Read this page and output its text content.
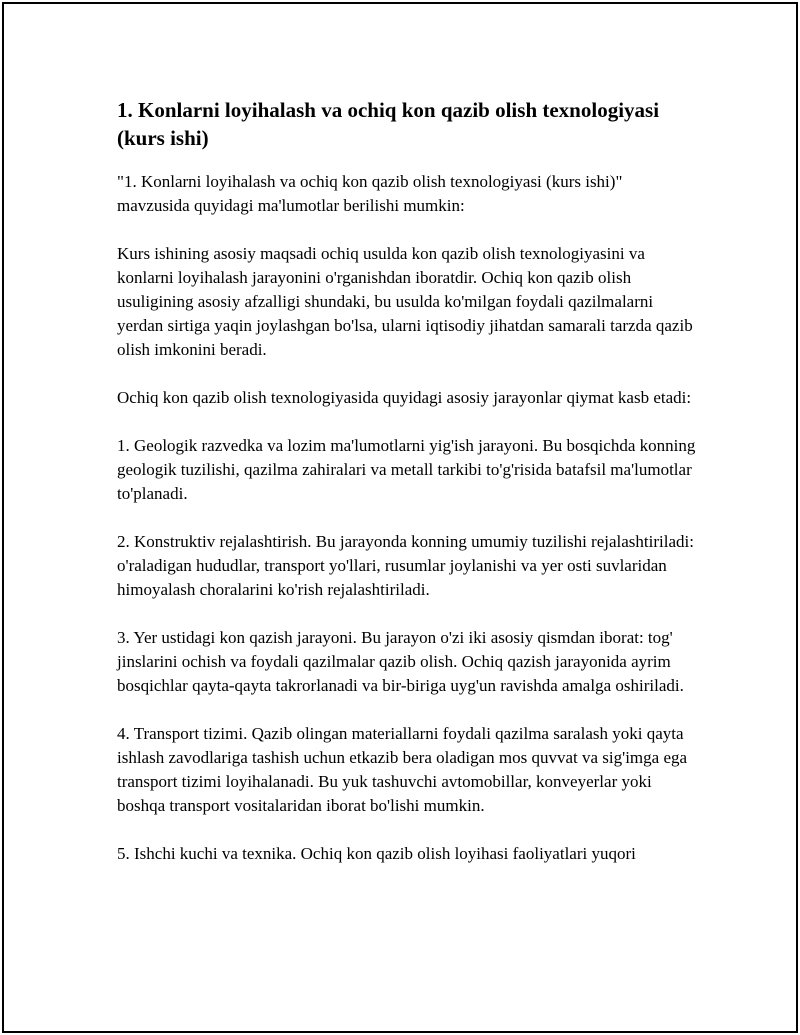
1. Konlarni loyihalash va ochiq kon qazib olish texnologiyasi (kurs ishi)

"1. Konlarni loyihalash va ochiq kon qazib olish texnologiyasi (kurs ishi)" mavzusida quyidagi ma'lumotlar berilishi mumkin:

Kurs ishining asosiy maqsadi ochiq usulda kon qazib olish texnologiyasini va konlarni loyihalash jarayonini o'rganishdan iboratdir. Ochiq kon qazib olish usuligining asosiy afzalligi shundaki, bu usulda ko'milgan foydali qazilmalarni yerdan sirtiga yaqin joylashgan bo'lsa, ularni iqtisodiy jihatdan samarali tarzda qazib olish imkonini beradi.

Ochiq kon qazib olish texnologiyasida quyidagi asosiy jarayonlar qiymat kasb etadi:

1. Geologik razvedka va lozim ma'lumotlarni yig'ish jarayoni. Bu bosqichda konning geologik tuzilishi, qazilma zahiralari va metall tarkibi to'g'risida batafsil ma'lumotlar to'planadi.

2. Konstruktiv rejalashtirish. Bu jarayonda konning umumiy tuzilishi rejalashtiriladi: o'raladigan hududlar, transport yo'llari, rusumlar joylanishi va yer osti suvlaridan himoyalash choralarini ko'rish rejalashtiriladi.

3. Yer ustidagi kon qazish jarayoni. Bu jarayon o'zi iki asosiy qismdan iborat: tog' jinslarini ochish va foydali qazilmalar qazib olish. Ochiq qazish jarayonida ayrim bosqichlar qayta-qayta takrorlanadi va bir-biriga uyg'un ravishda amalga oshiriladi.

4. Transport tizimi. Qazib olingan materiallarni foydali qazilma saralash yoki qayta ishlash zavodlariga tashish uchun etkazib bera oladigan mos quvvat va sig'imga ega transport tizimi loyihalanadi. Bu yuk tashuvchi avtomobillar, konveyerlar yoki boshqa transport vositalaridan iborat bo'lishi mumkin.

5. Ishchi kuchi va texnika. Ochiq kon qazib olish loyihasi faoliyatlari yuqori
